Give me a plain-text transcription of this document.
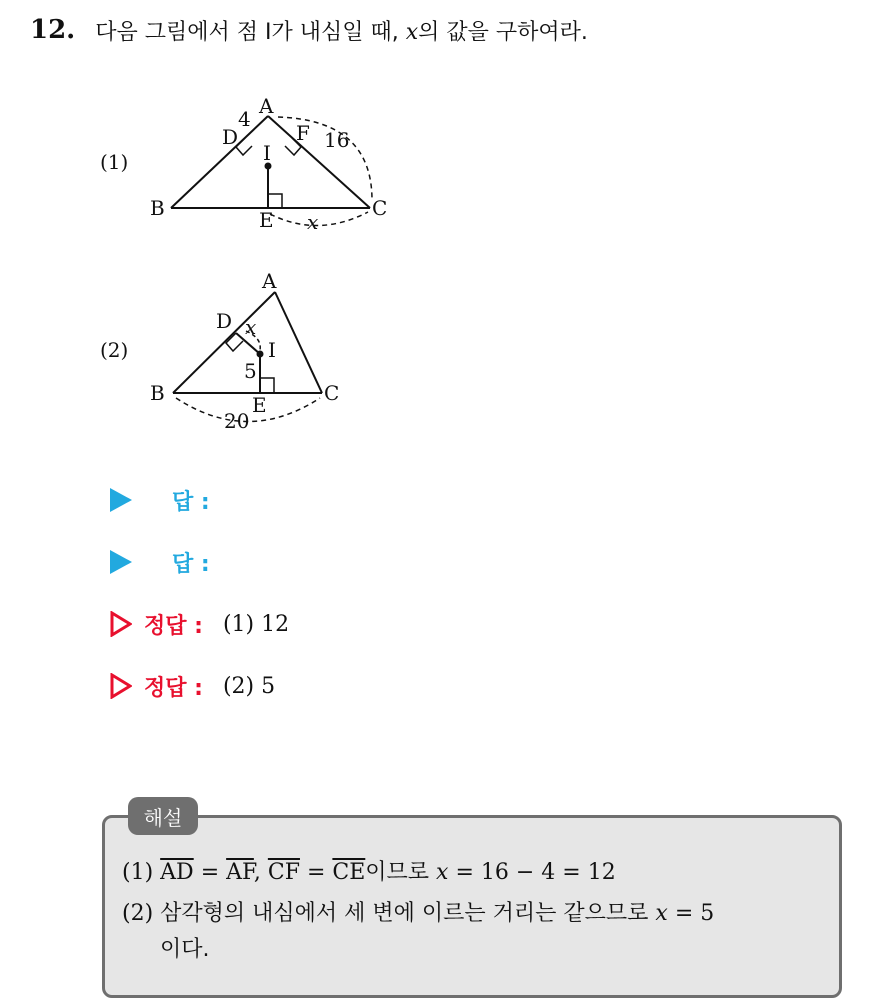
12. 다음 그림에서 점 I가 내심일 때, x의 값을 구하여라.
(1)
A
B	C
D
E
F
I
4
16
x
(2)
A
B	C
D
E
I
x
5
20
답 :
답 :
정답 : (1) 12
정답 : (2) 5
해설
(1) $\overline{AD} = \overline{AF}$, $\overline{CF} = \overline{CE}$이므로 x = 16 − 4 = 12
(2) 삼각형의 내심에서 세 변에 이르는 거리는 같으므로 x = 5
이다.
